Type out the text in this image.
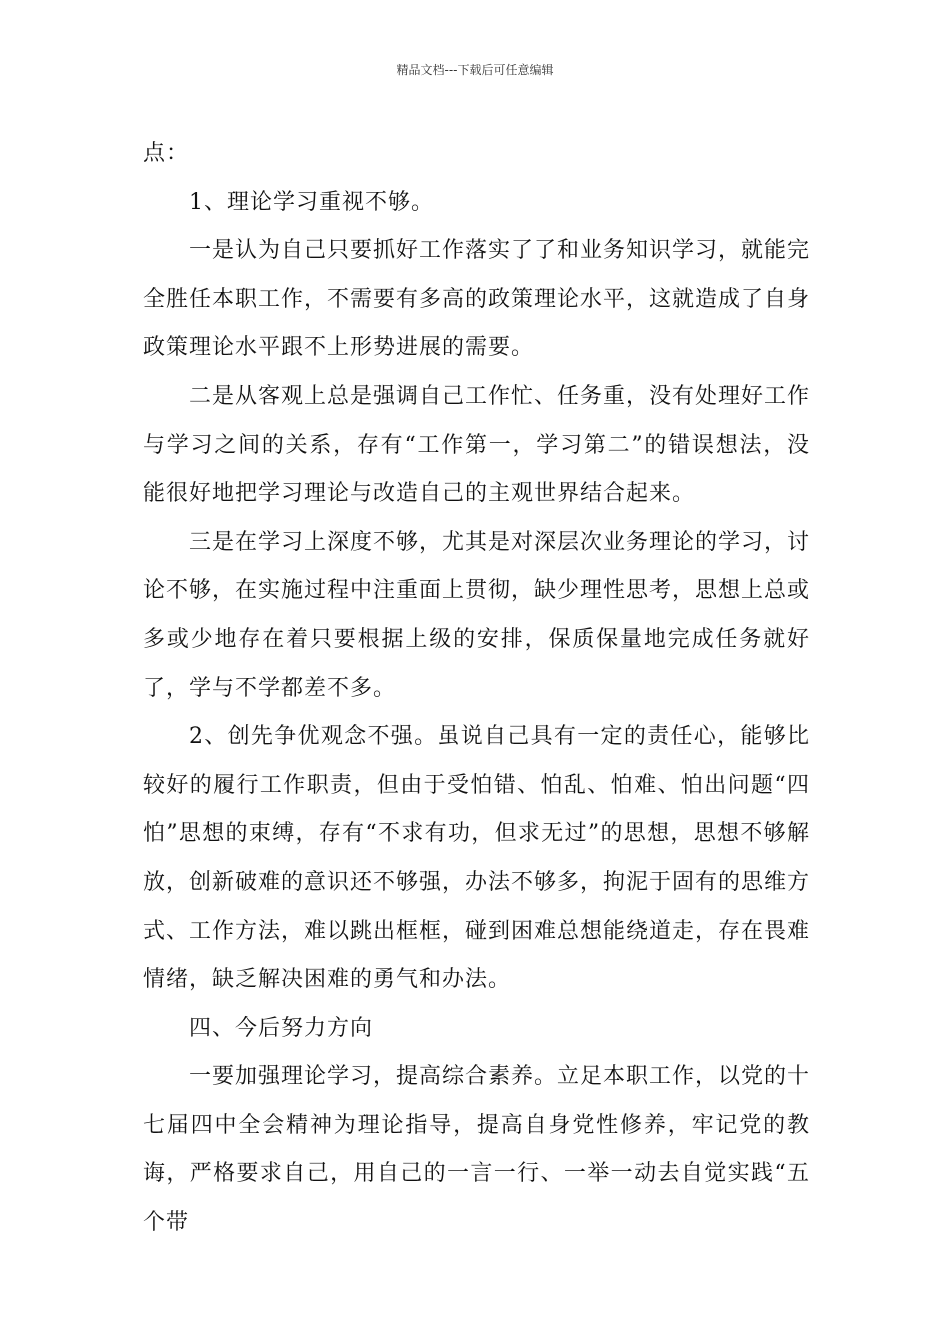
精品文档---下载后可任意编辑

点：

1、理论学习重视不够。

一是认为自己只要抓好工作落实了了和业务知识学习，就能完全胜任本职工作，不需要有多高的政策理论水平，这就造成了自身政策理论水平跟不上形势进展的需要。

二是从客观上总是强调自己工作忙、任务重，没有处理好工作与学习之间的关系，存有“工作第一，学习第二”的错误想法，没能很好地把学习理论与改造自己的主观世界结合起来。

三是在学习上深度不够，尤其是对深层次业务理论的学习，讨论不够，在实施过程中注重面上贯彻，缺少理性思考，思想上总或多或少地存在着只要根据上级的安排，保质保量地完成任务就好了，学与不学都差不多。

2、创先争优观念不强。虽说自己具有一定的责任心，能够比较好的履行工作职责，但由于受怕错、怕乱、怕难、怕出问题“四怕”思想的束缚，存有“不求有功，但求无过”的思想，思想不够解放，创新破难的意识还不够强，办法不够多，拘泥于固有的思维方式、工作方法，难以跳出框框，碰到困难总想能绕道走，存在畏难情绪，缺乏解决困难的勇气和办法。

四、今后努力方向

一要加强理论学习，提高综合素养。立足本职工作，以党的十七届四中全会精神为理论指导，提高自身党性修养，牢记党的教诲，严格要求自己，用自己的一言一行、一举一动去自觉实践“五个带
